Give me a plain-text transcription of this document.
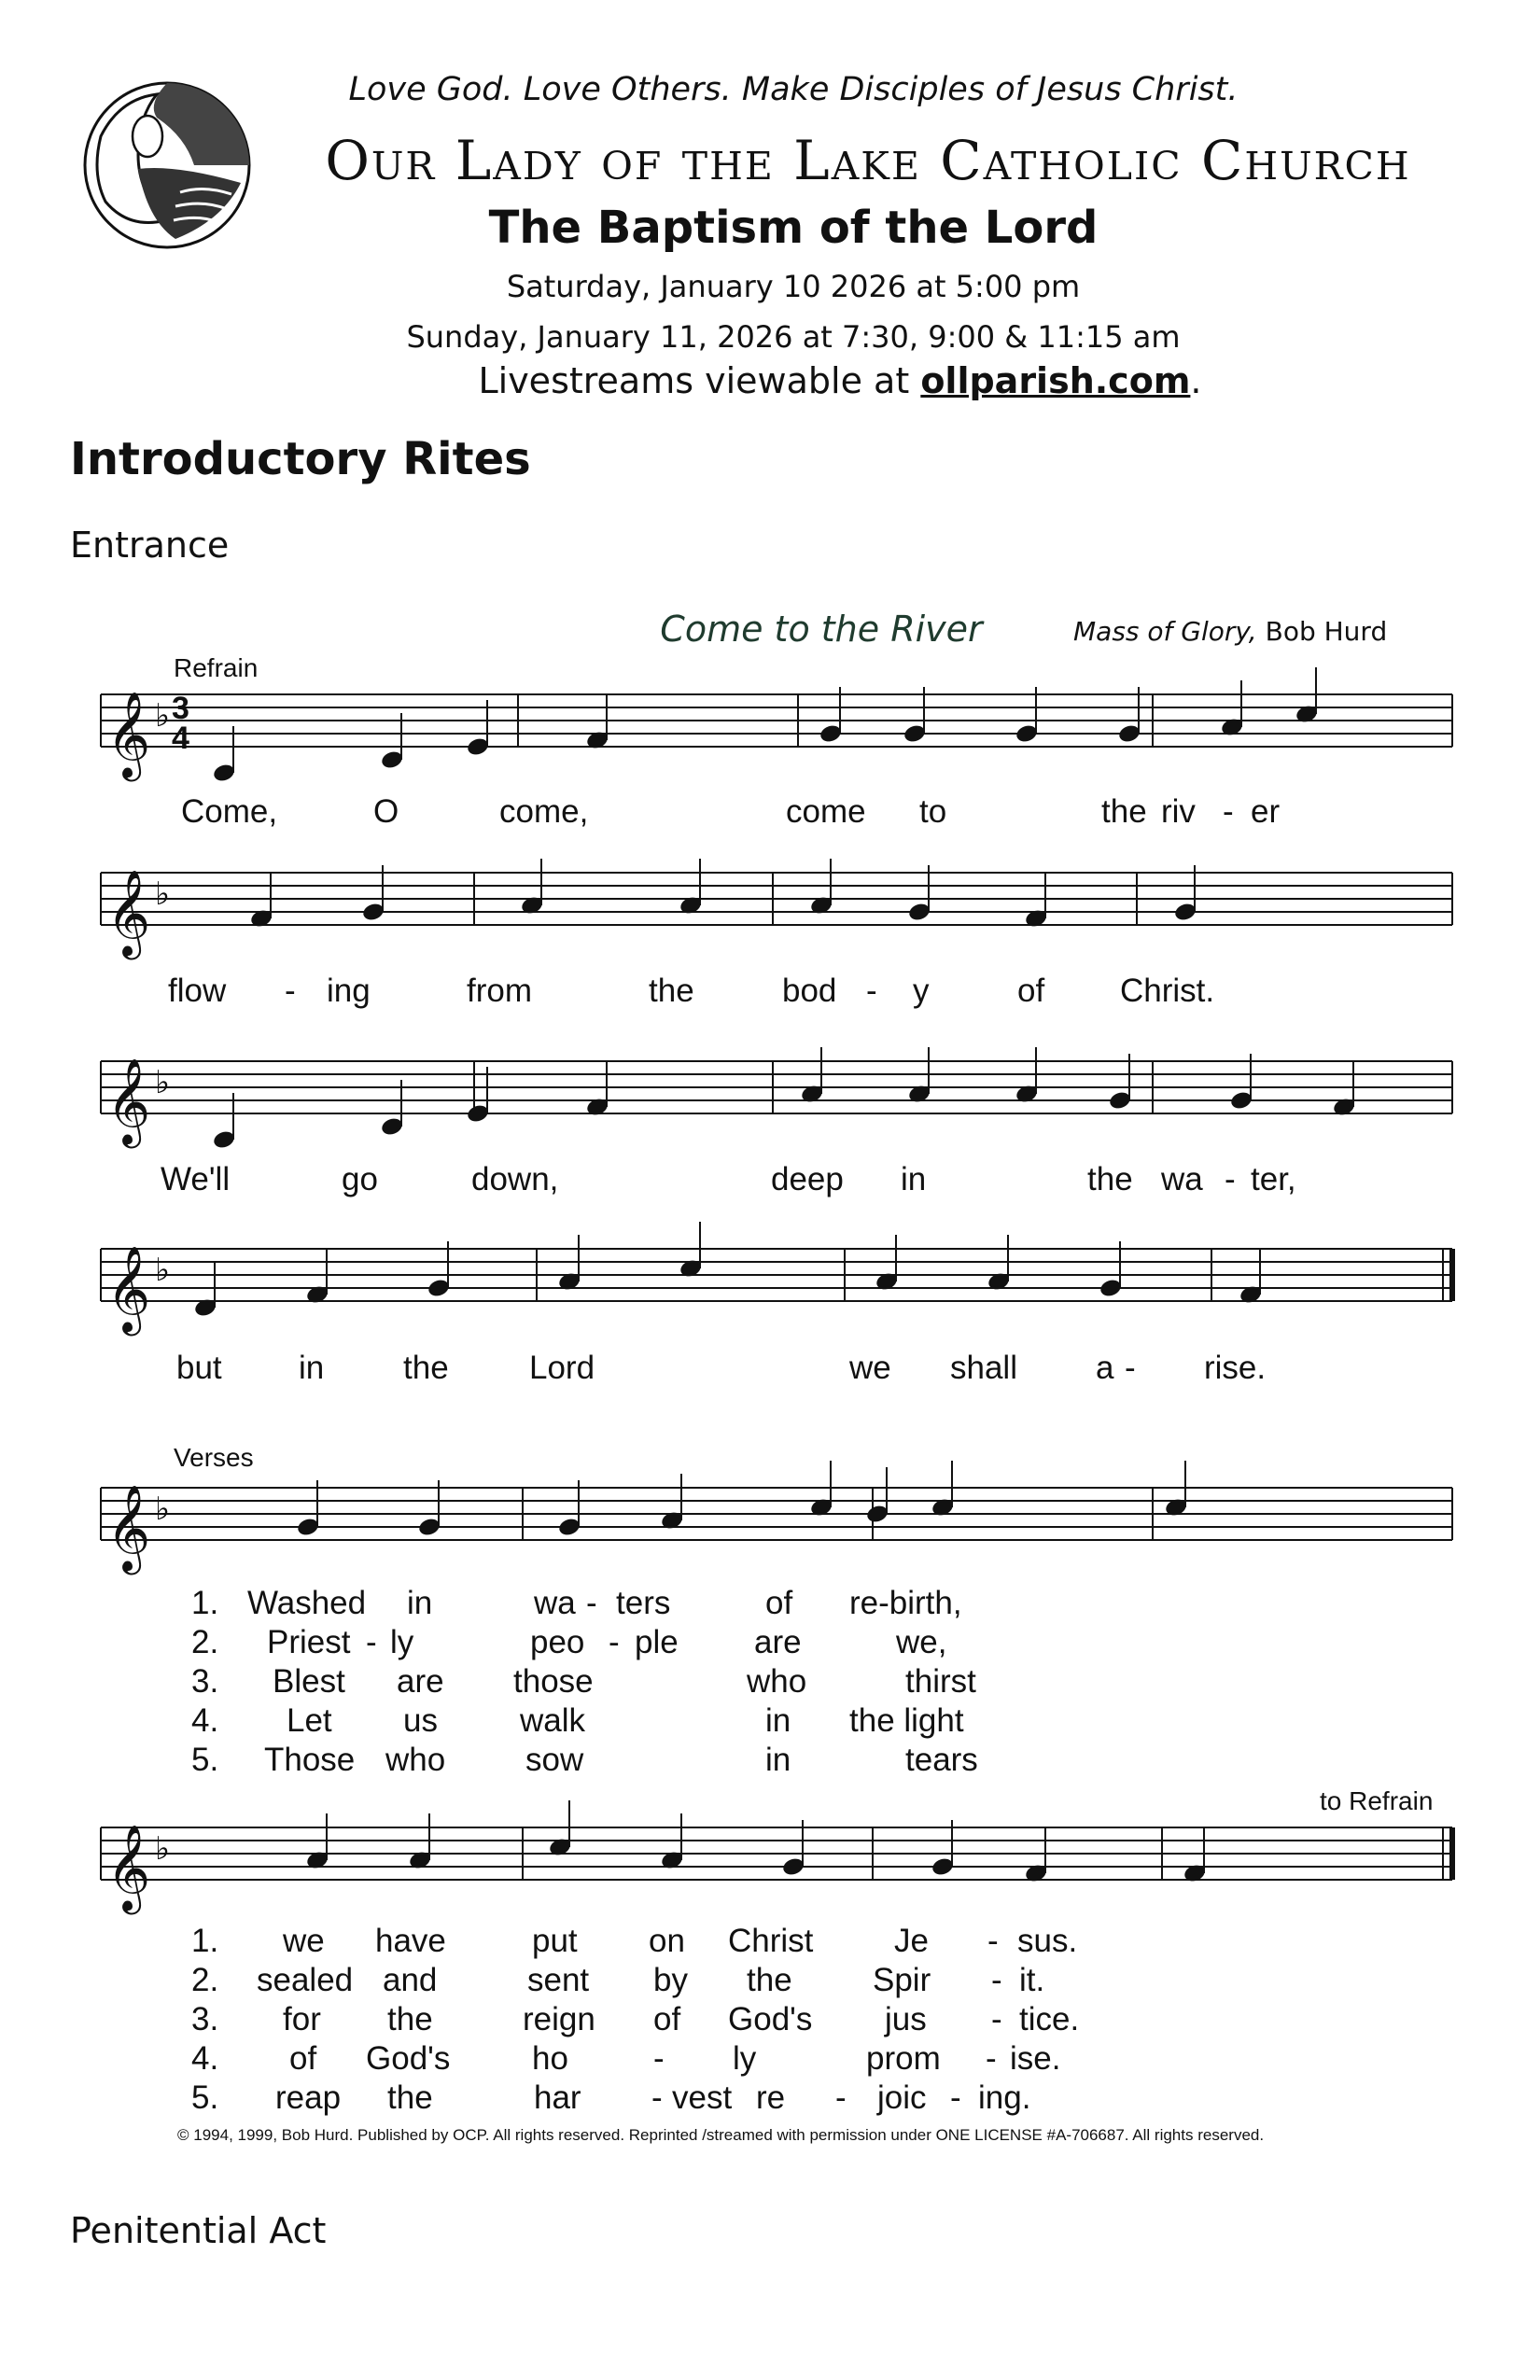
Love God. Love Others. Make Disciples of Jesus Christ.
Our Lady of the Lake Catholic Church
The Baptism of the Lord
Saturday, January 10 2026 at 5:00 pm
Sunday, January 11, 2026 at 7:30, 9:00 & 11:15 am
Livestreams viewable at ollparish.com.
Introductory Rites
Entrance
Come to the River	Mass of Glory, Bob Hurd
Refrain
Verses
to Refrain
𝄞 ♭ 3
4
𝄞 ♭
𝄞 ♭
𝄞 ♭
𝄞 ♭
𝄞 ♭
Come,	O	come,	come to	the riv - er
flow - ing	from	the	bod - y	of Christ.
We'll	go	down,	deep in	the wa - ter,
but in the Lord	we shall a - rise.
1. Washed in	wa - ters	of re-birth,
2. Priest - ly	peo - ple are	we,
3. Blest are those	who	thirst
4. Let us	walk	in the light
5. Those who sow	in	tears
1. we have	put on Christ Je - sus.
2. sealed and	sent by the Spir - it.
3. for the	reign of God's jus - tice.
4. of God's	ho	- ly	prom - ise.
5. reap the	har - vest re - joic - ing.
© 1994, 1999, Bob Hurd. Published by OCP. All rights reserved. Reprinted /streamed with permission under ONE LICENSE #A-706687. All rights reserved.
Penitential Act
